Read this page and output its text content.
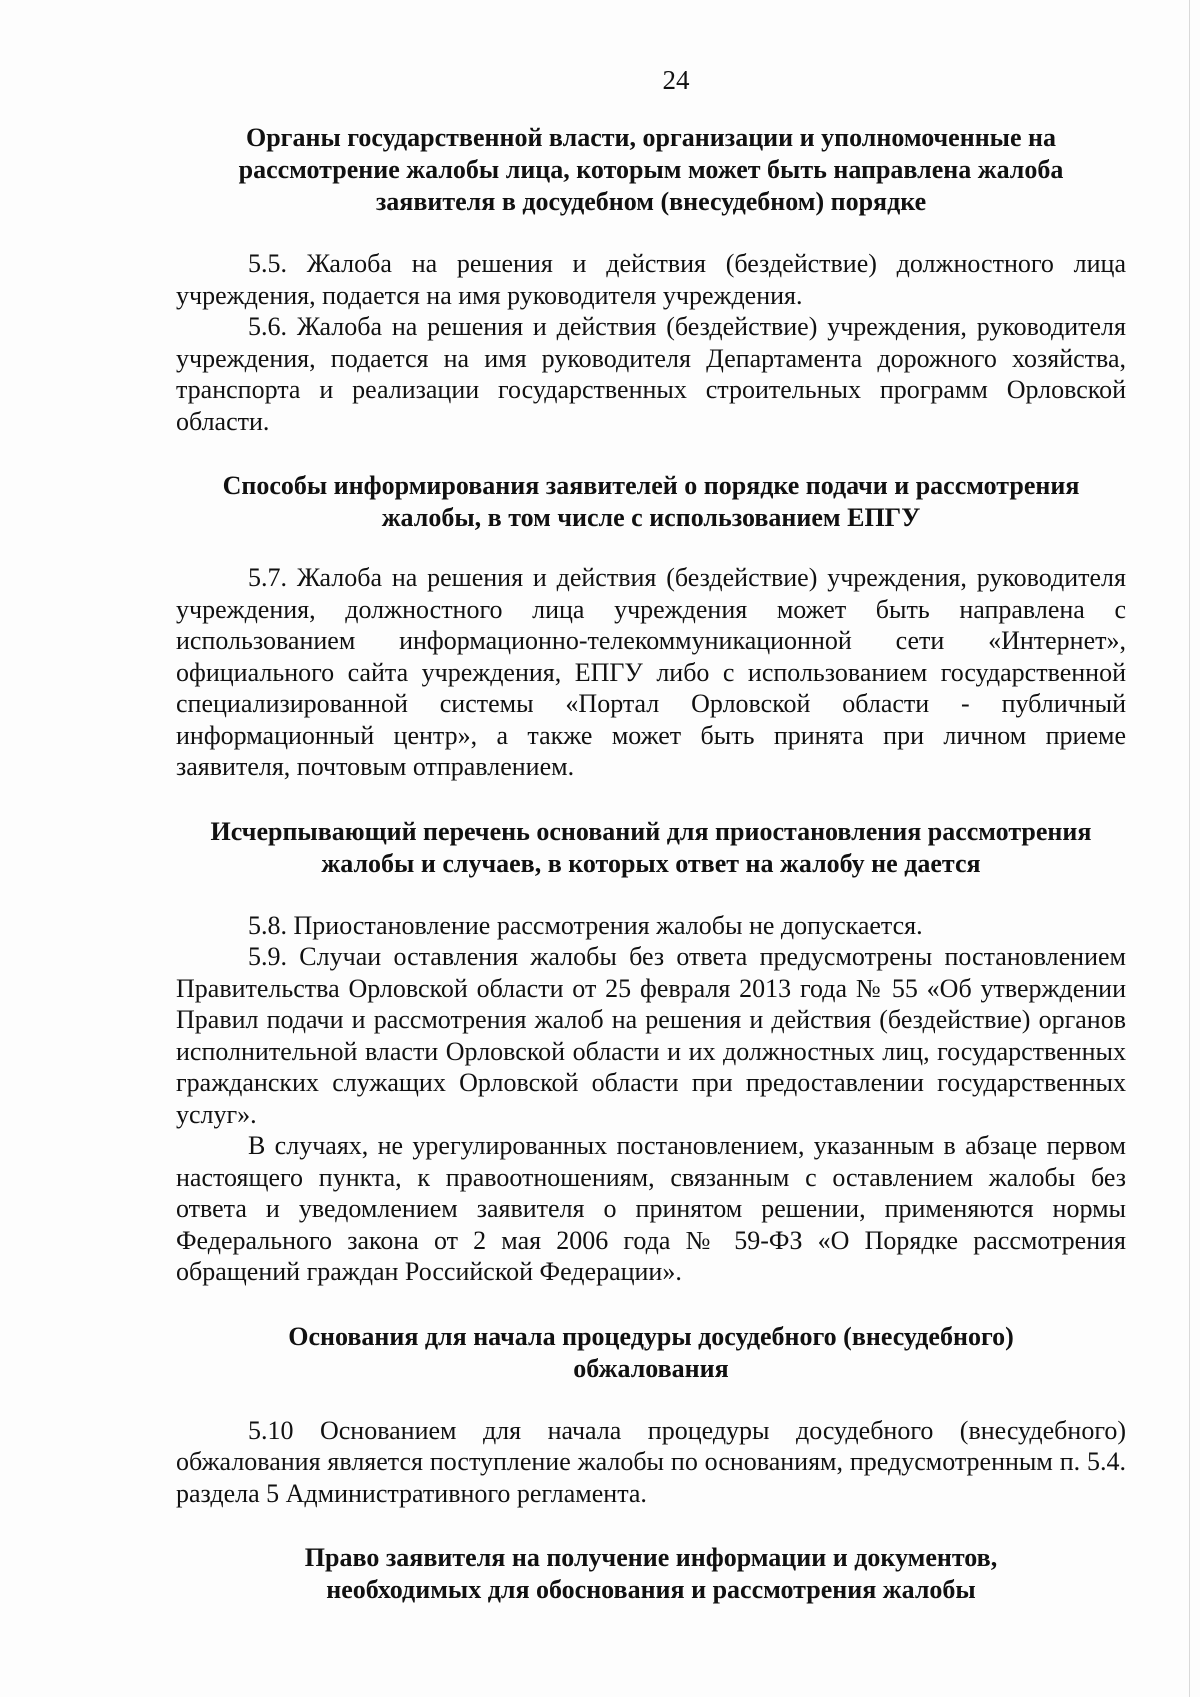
24

Органы государственной власти, организации и уполномоченные на

рассмотрение жалобы лица, которым может быть направлена жалоба

заявителя в досудебном (внесудебном) порядке

5.5. Жалоба на решения и действия (бездействие) должностного лица учреждения, подается на имя руководителя учреждения.

5.6. Жалоба на решения и действия (бездействие) учреждения, руководителя учреждения, подается на имя руководителя Департамента дорожного хозяйства, транспорта и реализации государственных строительных программ Орловской области.

Способы информирования заявителей о порядке подачи и рассмотрения

жалобы, в том числе с использованием ЕПГУ

5.7. Жалоба на решения и действия (бездействие) учреждения, руководителя учреждения, должностного лица учреждения может быть направлена с использованием информационно-телекоммуникационной сети «Интернет», официального сайта учреждения, ЕПГУ либо с использованием государственной специализированной системы «Портал Орловской области - публичный информационный центр», а также может быть принята при личном приеме заявителя, почтовым отправлением.

Исчерпывающий перечень оснований для приостановления рассмотрения

жалобы и случаев, в которых ответ на жалобу не дается

5.8. Приостановление рассмотрения жалобы не допускается.

5.9. Случаи оставления жалобы без ответа предусмотрены постановлением Правительства Орловской области от 25 февраля 2013 года № 55 «Об утверждении Правил подачи и рассмотрения жалоб на решения и действия (бездействие) органов исполнительной власти Орловской области и их должностных лиц, государственных гражданских служащих Орловской области при предоставлении государственных услуг».

В случаях, не урегулированных постановлением, указанным в абзаце первом настоящего пункта, к правоотношениям, связанным с оставлением жалобы без ответа и уведомлением заявителя о принятом решении, применяются нормы Федерального закона от 2 мая 2006 года № 59-ФЗ «О Порядке рассмотрения обращений граждан Российской Федерации».

Основания для начала процедуры досудебного (внесудебного)

обжалования

5.10 Основанием для начала процедуры досудебного (внесудебного) обжалования является поступление жалобы по основаниям, предусмотренным п. 5.4. раздела 5 Административного регламента.

Право заявителя на получение информации и документов,

необходимых для обоснования и рассмотрения жалобы
